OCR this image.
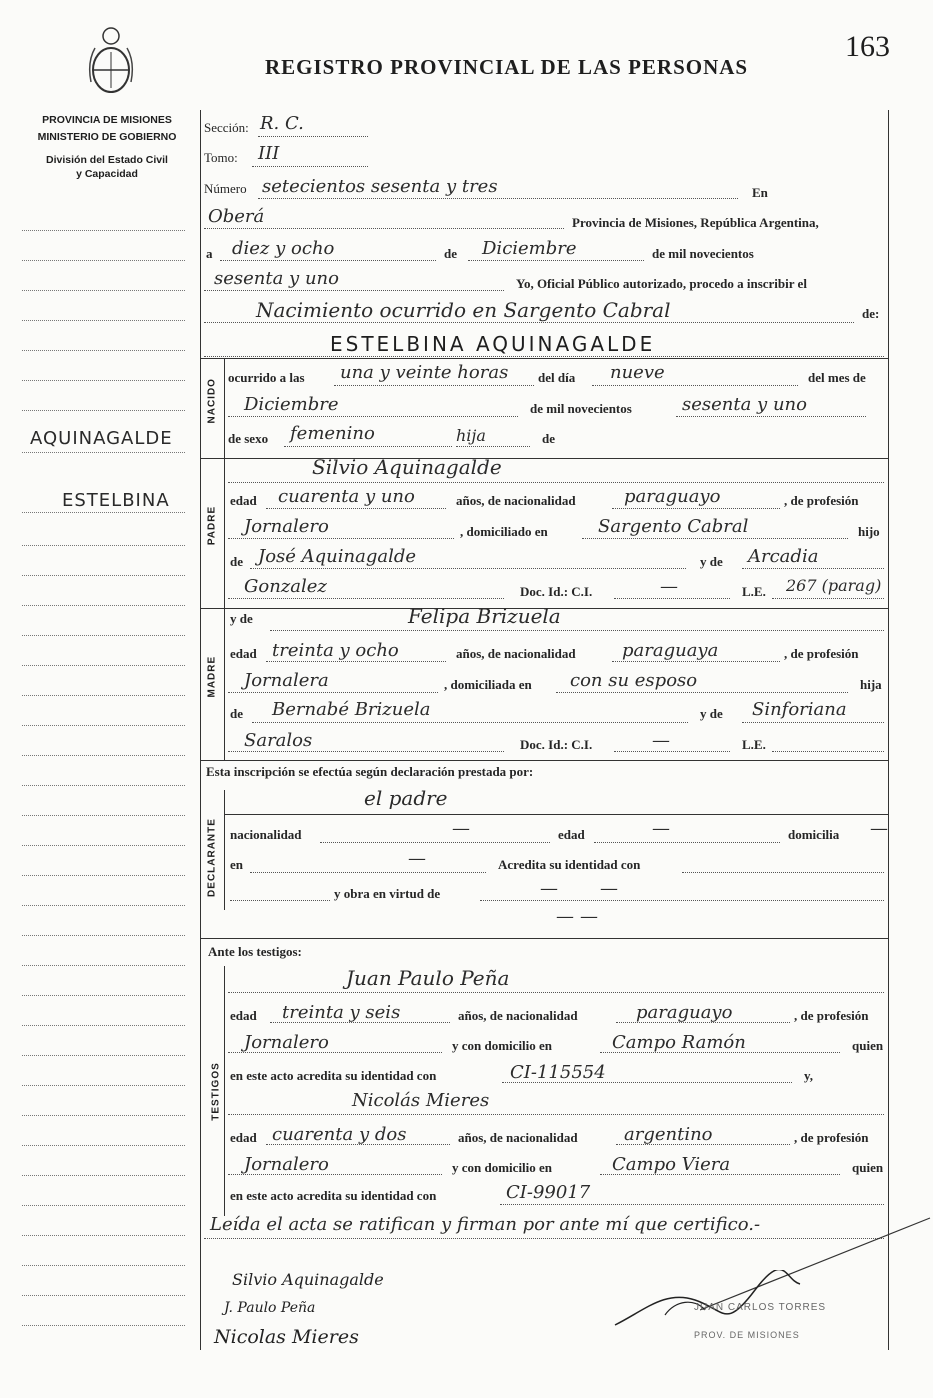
163
REGISTRO PROVINCIAL DE LAS PERSONAS
PROVINCIA DE MISIONES
MINISTERIO DE GOBIERNO
División del Estado Civil
y Capacidad
AQUINAGALDE
ESTELBINA
Sección: R. C.
Tomo: III
Número setecientos sesenta y tres	En
Oberá	Provincia de Misiones, República Argentina,
a diez y ocho	de Diciembre	de mil novecientos
sesenta y uno	Yo, Oficial Público autorizado, procedo a inscribir el
Nacimiento ocurrido en Sargento Cabral	de:
ESTELBINA AQUINAGALDE
NACIDO
ocurrido a las una y veinte horas del día nueve	del mes de
Diciembre	de mil novecientos	sesenta y uno
de sexo femenino	hija	de
PADRE
Silvio Aquinagalde
edad cuarenta y uno	años, de nacionalidad	paraguayo	, de profesión
Jornalero	, domiciliado en	Sargento Cabral	hijo
de José Aquinagalde	y de Arcadia
Gonzalez	Doc. Id.: C.I.	—	L.E. 267 (parag)
MADRE
y de	Felipa Brizuela
edad treinta y ocho	años, de nacionalidad	paraguaya	, de profesión
Jornalera	, domiciliada en con su esposo	hija
de Bernabé Brizuela	y de Sinforiana
Saralos	Doc. Id.: C.I.	—	L.E.
Esta inscripción se efectúa según declaración prestada por:
el padre
DECLARANTE nacionalidad	—	edad	—	domicilia —
en	—	Acredita su identidad con
y obra en virtud de	— —
— —
Ante los testigos:
TESTIGOS
Juan Paulo Peña
edad treinta y seis	años, de nacionalidad	paraguayo	, de profesión
Jornalero	y con domicilio en	Campo Ramón	quien
en este acto acredita su identidad con	CI-115554	y,
Nicolás Mieres
edad cuarenta y dos	años, de nacionalidad	argentino	, de profesión
Jornalero	y con domicilio en	Campo Viera	quien
en este acto acredita su identidad con	CI-99017
Leída el acta se ratifican y firman por ante mí que certifico.-
Silvio Aquinagalde
J. Paulo Peña
Nicolas Mieres
JUAN CARLOS TORRES
PROV. DE MISIONES
